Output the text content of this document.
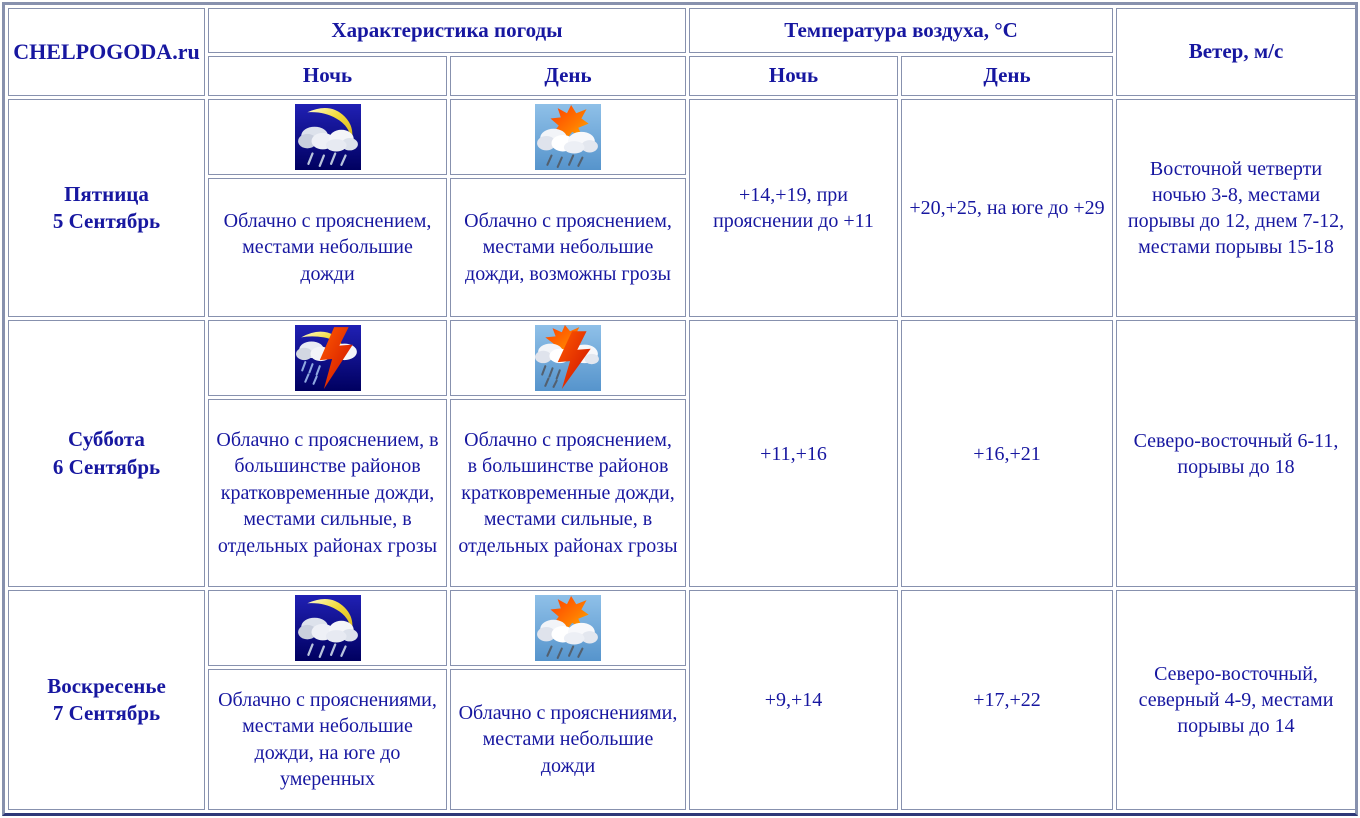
CHELPOGODA.ru	Характеристика погоды		Температура воздуха, °C		Ветер, м/с
	Ночь	День	Ночь	День	
Пятница
5 Сентябрь	Облачно с прояснением, местами небольшие дожди	Облачно с прояснением, местами небольшие дожди, возможны грозы	+14,+19, при прояснении до +11	+20,+25, на юге до +29	Восточной четверти ночью 3-8, местами порывы до 12, днем 7-12, местами порывы 15-18
Суббота
6 Сентябрь	Облачно с прояснением, в большинстве районов кратковременные дожди, местами сильные, в отдельных районах грозы	Облачно с прояснением, в большинстве районов кратковременные дожди, местами сильные, в отдельных районах грозы	+11,+16	+16,+21	Северо-восточный 6-11, порывы до 18
Воскресенье
7 Сентябрь	Облачно с прояснениями, местами небольшие дожди, на юге до умеренных	Облачно с прояснениями, местами небольшие дожди	+9,+14	+17,+22	Северо-восточный, северный 4-9, местами порывы до 14
